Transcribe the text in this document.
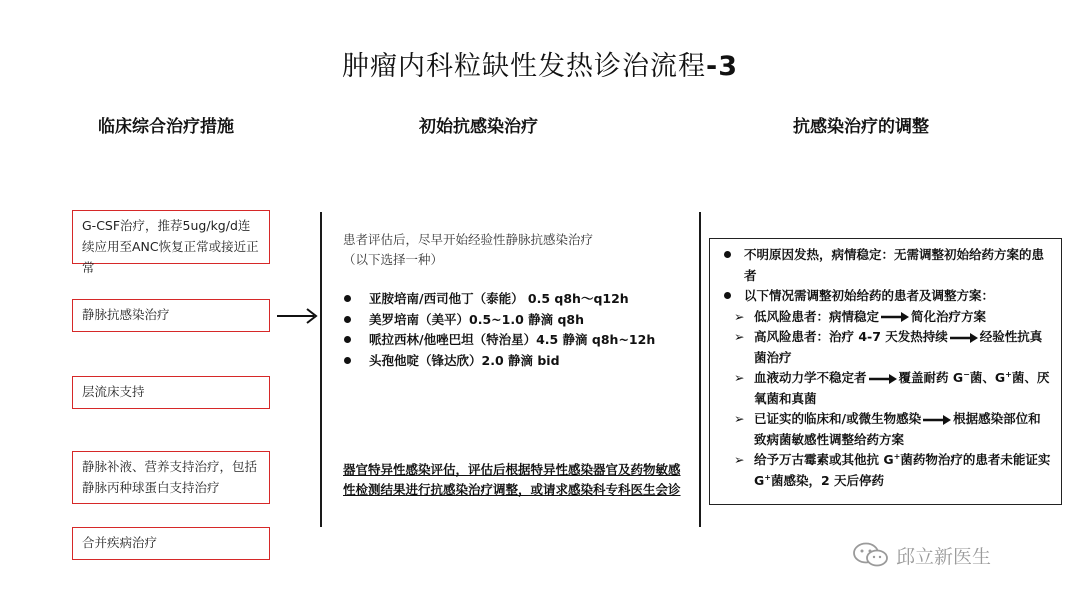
肿瘤内科粒缺性发热诊治流程-3
临床综合治疗措施	初始抗感染治疗	抗感染治疗的调整
G-CSF治疗，推荐5ug/kg/d连续应用至ANC恢复正常或接近正常
静脉抗感染治疗
层流床支持
静脉补液、营养支持治疗，包括静脉丙种球蛋白支持治疗
合并疾病治疗
患者评估后，尽早开始经验性静脉抗感染治疗
（以下选择一种）
亚胺培南/西司他丁（泰能） 0.5 q8h～q12h
美罗培南（美平）0.5~1.0 静滴 q8h
哌拉西林/他唑巴坦（特治星）4.5 静滴 q8h~12h
头孢他啶（锋达欣）2.0 静滴 bid
器官特异性感染评估，评估后根据特异性感染器官及药物敏感性检测结果进行抗感染治疗调整，或请求感染科专科医生会诊
不明原因发热，病情稳定：无需调整初始给药方案的患者
以下情况需调整初始给药的患者及调整方案：
➢ 低风险患者：病情稳定	简化治疗方案
➢ 高风险患者：治疗 4-7 天发热持续	经验性抗真菌治疗
➢ 血液动力学不稳定者	覆盖耐药 G−菌、G+菌、厌氧菌和真菌
➢ 已证实的临床和/或微生物感染	根据感染部位和致病菌敏感性调整给药方案
➢ 给予万古霉素或其他抗 G+菌药物治疗的患者未能证实 G+菌感染，2 天后停药
邱立新医生
